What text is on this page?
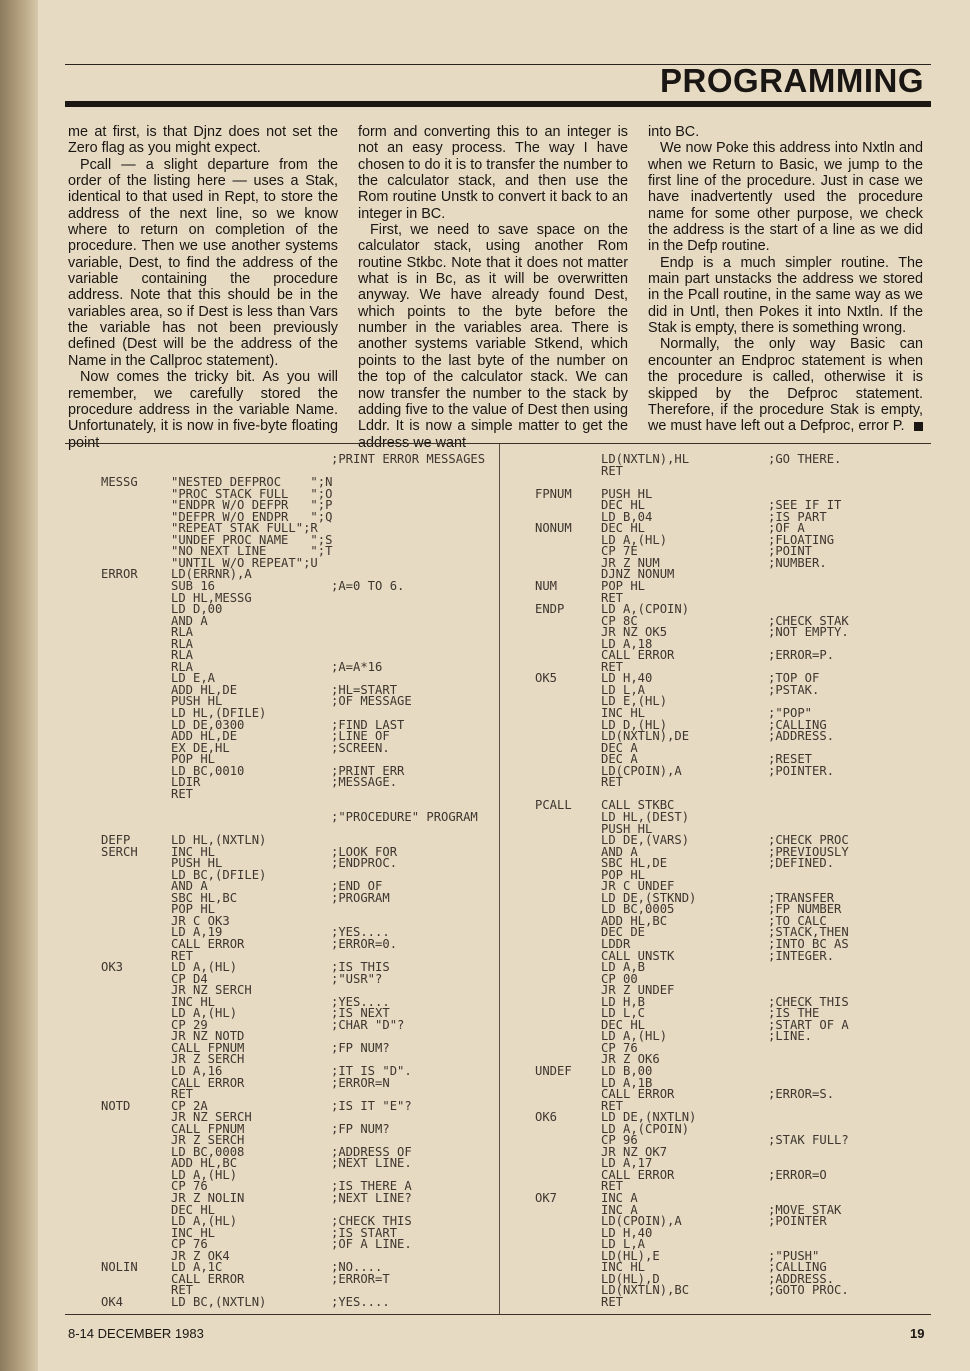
PROGRAMMING

me at first, is that Djnz does not set the Zero flag as you might expect.

Pcall — a slight departure from the order of the listing here — uses a Stak, identical to that used in Rept, to store the address of the next line, so we know where to return on completion of the procedure. Then we use another systems variable, Dest, to find the address of the variable containing the procedure address. Note that this should be in the variables area, so if Dest is less than Vars the variable has not been previously defined (Dest will be the address of the Name in the Callproc statement).

Now comes the tricky bit. As you will remember, we carefully stored the procedure address in the variable Name. Unfortunately, it is now in five-byte floating point

form and converting this to an integer is not an easy process. The way I have chosen to do it is to transfer the number to the calculator stack, and then use the Rom routine Unstk to convert it back to an integer in BC.

First, we need to save space on the calculator stack, using another Rom routine Stkbc. Note that it does not matter what is in Bc, as it will be overwritten anyway. We have already found Dest, which points to the byte before the number in the variables area. There is another systems variable Stkend, which points to the last byte of the number on the top of the calculator stack. We can now transfer the number to the stack by adding five to the value of Dest then using Lddr. It is now a simple matter to get the address we want

into BC.

We now Poke this address into Nxtln and when we Return to Basic, we jump to the first line of the procedure. Just in case we have inadvertently used the procedure name for some other purpose, we check the address is the start of a line as we did in the Defp routine.

Endp is a much simpler routine. The main part unstacks the address we stored in the Pcall routine, in the same way as we did in Untl, then Pokes it into Nxtln. If the Stak is empty, there is something wrong.

Normally, the only way Basic can encounter an Endproc statement is when the procedure is called, otherwise it is skipped by the Defproc statement. Therefore, if the procedure Stak is empty, we must have left out a Defproc, error P.

;PRINT ERROR MESSAGES
MESSG	"NESTED DEFPROC    ";N
"PROC STACK FULL   ";O
"ENDPR W/O DEFPR   ";P
"DEFPR W/O ENDPR   ";Q
"REPEAT STAK FULL";R
"UNDEF PROC NAME   ";S
"NO NEXT LINE      ";T
"UNTIL W/O REPEAT";U
ERROR	LD(ERRNR),A
SUB 16	;A=0 TO 6.
LD HL,MESSG
LD D,00
AND A
RLA
RLA
RLA
RLA	;A=A*16
LD E,A
ADD HL,DE	;HL=START
PUSH HL	;OF MESSAGE
LD HL,(DFILE)
LD DE,0300	;FIND LAST
ADD HL,DE	;LINE OF
EX DE,HL	;SCREEN.
POP HL
LD BC,0010	;PRINT ERR
LDIR	;MESSAGE.
RET
;"PROCEDURE" PROGRAM
DEFP	LD HL,(NXTLN)
SERCH	INC HL	;LOOK FOR
PUSH HL	;ENDPROC.
LD BC,(DFILE)
AND A	;END OF
SBC HL,BC	;PROGRAM
POP HL
JR C OK3
LD A,19	;YES....
CALL ERROR	;ERROR=0.
RET
OK3	LD A,(HL)	;IS THIS
CP D4	;"USR"?
JR NZ SERCH
INC HL	;YES....
LD A,(HL)	;IS NEXT
CP 29	;CHAR "D"?
JR NZ NOTD
CALL FPNUM	;FP NUM?
JR Z SERCH
LD A,16	;IT IS "D".
CALL ERROR	;ERROR=N
RET
NOTD	CP 2A	;IS IT "E"?
JR NZ SERCH
CALL FPNUM	;FP NUM?
JR Z SERCH
LD BC,0008	;ADDRESS OF
ADD HL,BC	;NEXT LINE.
LD A,(HL)
CP 76	;IS THERE A
JR Z NOLIN	;NEXT LINE?
DEC HL
LD A,(HL)	;CHECK THIS
INC HL	;IS START
CP 76	;OF A LINE.
JR Z OK4
NOLIN	LD A,1C	;NO....
CALL ERROR	;ERROR=T
RET
OK4	LD BC,(NXTLN)	;YES....
LD(NXTLN),HL	;GO THERE.
RET
FPNUM PUSH HL
DEC HL	;SEE IF IT
LD B,04	;IS PART
NONUM DEC HL	;OF A
LD A,(HL)	;FLOATING
CP 7E	;POINT
JR Z NUM	;NUMBER.
DJNZ NONUM
NUM	POP HL
RET
ENDP	LD A,(CPOIN)
CP 8C	;CHECK STAK
JR NZ OK5	;NOT EMPTY.
LD A,18
CALL ERROR	;ERROR=P.
RET
OK5	LD H,40	;TOP OF
LD L,A	;PSTAK.
LD E,(HL)
INC HL	;"POP"
LD D,(HL)	;CALLING
LD(NXTLN),DE	;ADDRESS.
DEC A
DEC A	;RESET
LD(CPOIN),A	;POINTER.
RET
PCALL CALL STKBC
LD HL,(DEST)
PUSH HL
LD DE,(VARS)	;CHECK PROC
AND A	;PREVIOUSLY
SBC HL,DE	;DEFINED.
POP HL
JR C UNDEF
LD DE,(STKND)	;TRANSFER
LD BC,0005	;FP NUMBER
ADD HL,BC	;TO CALC
DEC DE	;STACK,THEN
LDDR	;INTO BC AS
CALL UNSTK	;INTEGER.
LD A,B
CP 00
JR Z UNDEF
LD H,B	;CHECK THIS
LD L,C	;IS THE
DEC HL	;START OF A
LD A,(HL)	;LINE.
CP 76
JR Z OK6
UNDEF LD B,00
LD A,1B
CALL ERROR	;ERROR=S.
RET
OK6	LD DE,(NXTLN)
LD A,(CPOIN)
CP 96	;STAK FULL?
JR NZ OK7
LD A,17
CALL ERROR	;ERROR=O
RET
OK7	INC A
INC A	;MOVE STAK
LD(CPOIN),A	;POINTER
LD H,40
LD L,A
LD(HL),E	;"PUSH"
INC HL	;CALLING
LD(HL),D	;ADDRESS.
LD(NXTLN),BC	;GOTO PROC.
RET
8-14 DECEMBER 1983	19
